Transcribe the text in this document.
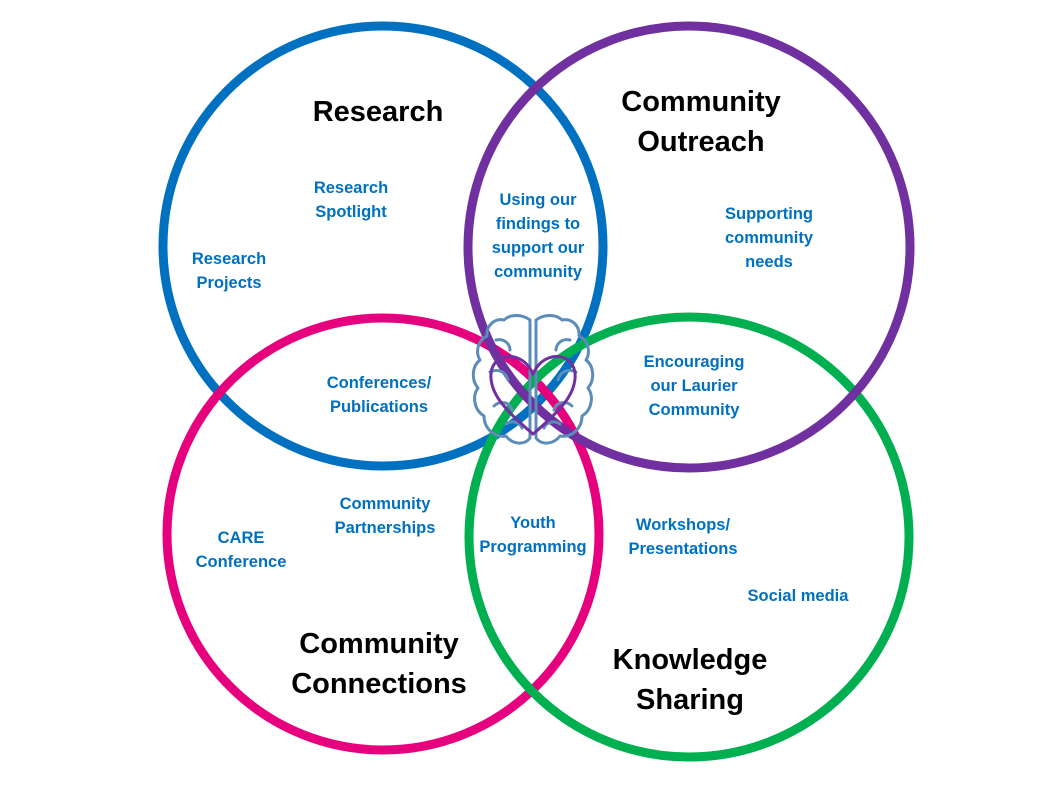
Research	Community
Outreach
Community
Connections
Knowledge
Sharing
Research
Spotlight
Research
Projects
Supporting
community
needs
CARE
Conference
Community
Partnerships	Workshops/
Presentations
Social media
Using our
findings to
support our
community
Conferences/
Publications
Encouraging
our Laurier
Community
Youth
Programming
